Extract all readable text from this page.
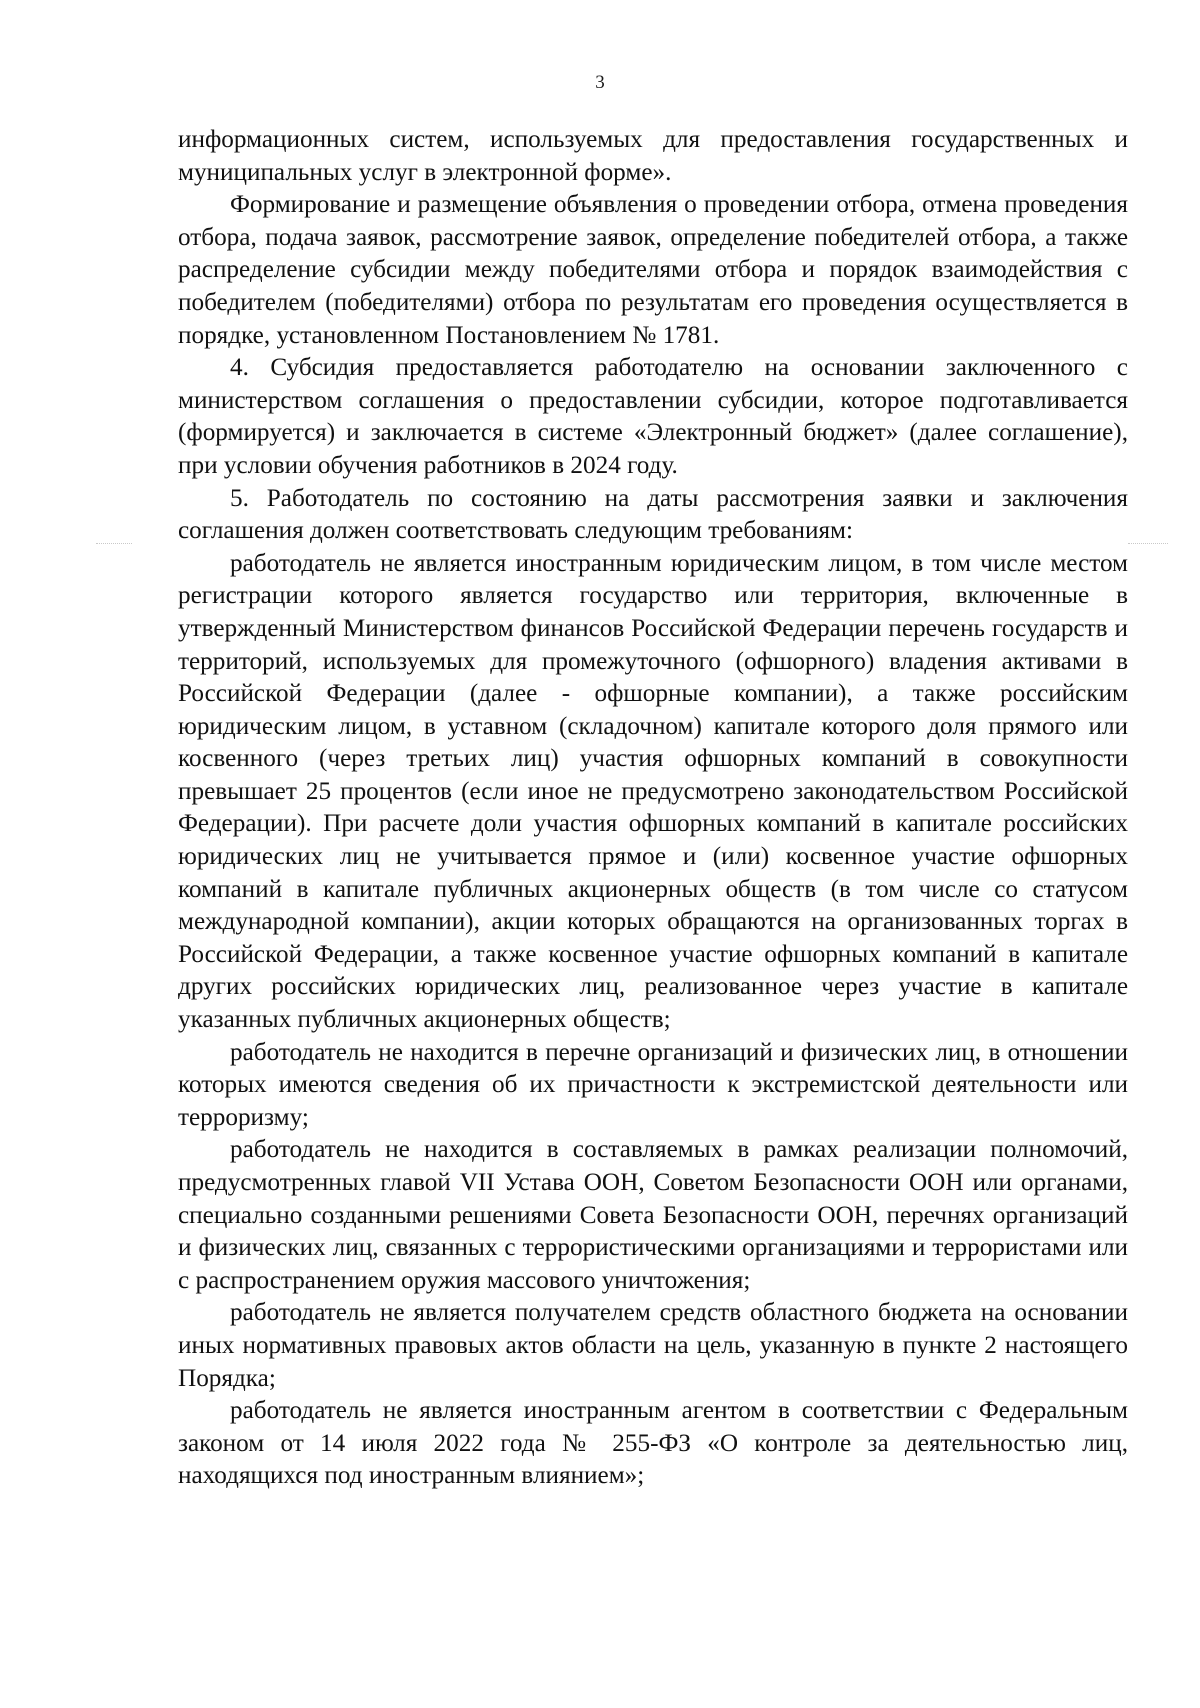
3

информационных систем, используемых для предоставления государственных и муниципальных услуг в электронной форме».

Формирование и размещение объявления о проведении отбора, отмена проведения отбора, подача заявок, рассмотрение заявок, определение победителей отбора, а также распределение субсидии между победителями отбора и порядок взаимодействия с победителем (победителями) отбора по результатам его проведения осуществляется в порядке, установленном Постановлением № 1781.

4. Субсидия предоставляется работодателю на основании заключенного с министерством соглашения о предоставлении субсидии, которое подготавливается (формируется) и заключается в системе «Электронный бюджет» (далее соглашение), при условии обучения работников в 2024 году.

5. Работодатель по состоянию на даты рассмотрения заявки и заключения соглашения должен соответствовать следующим требованиям:

работодатель не является иностранным юридическим лицом, в том числе местом регистрации которого является государство или территория, включенные в утвержденный Министерством финансов Российской Федерации перечень государств и территорий, используемых для промежуточного (офшорного) владения активами в Российской Федерации (далее - офшорные компании), а также российским юридическим лицом, в уставном (складочном) капитале которого доля прямого или косвенного (через третьих лиц) участия офшорных компаний в совокупности превышает 25 процентов (если иное не предусмотрено законодательством Российской Федерации). При расчете доли участия офшорных компаний в капитале российских юридических лиц не учитывается прямое и (или) косвенное участие офшорных компаний в капитале публичных акционерных обществ (в том числе со статусом международной компании), акции которых обращаются на организованных торгах в Российской Федерации, а также косвенное участие офшорных компаний в капитале других российских юридических лиц, реализованное через участие в капитале указанных публичных акционерных обществ;

работодатель не находится в перечне организаций и физических лиц, в отношении которых имеются сведения об их причастности к экстремистской деятельности или терроризму;

работодатель не находится в составляемых в рамках реализации полномочий, предусмотренных главой VII Устава ООН, Советом Безопасности ООН или органами, специально созданными решениями Совета Безопасности ООН, перечнях организаций и физических лиц, связанных с террористическими организациями и террористами или с распространением оружия массового уничтожения;

работодатель не является получателем средств областного бюджета на основании иных нормативных правовых актов области на цель, указанную в пункте 2 настоящего Порядка;

работодатель не является иностранным агентом в соответствии с Федеральным законом от 14 июля 2022 года № 255-ФЗ «О контроле за деятельностью лиц, находящихся под иностранным влиянием»;
